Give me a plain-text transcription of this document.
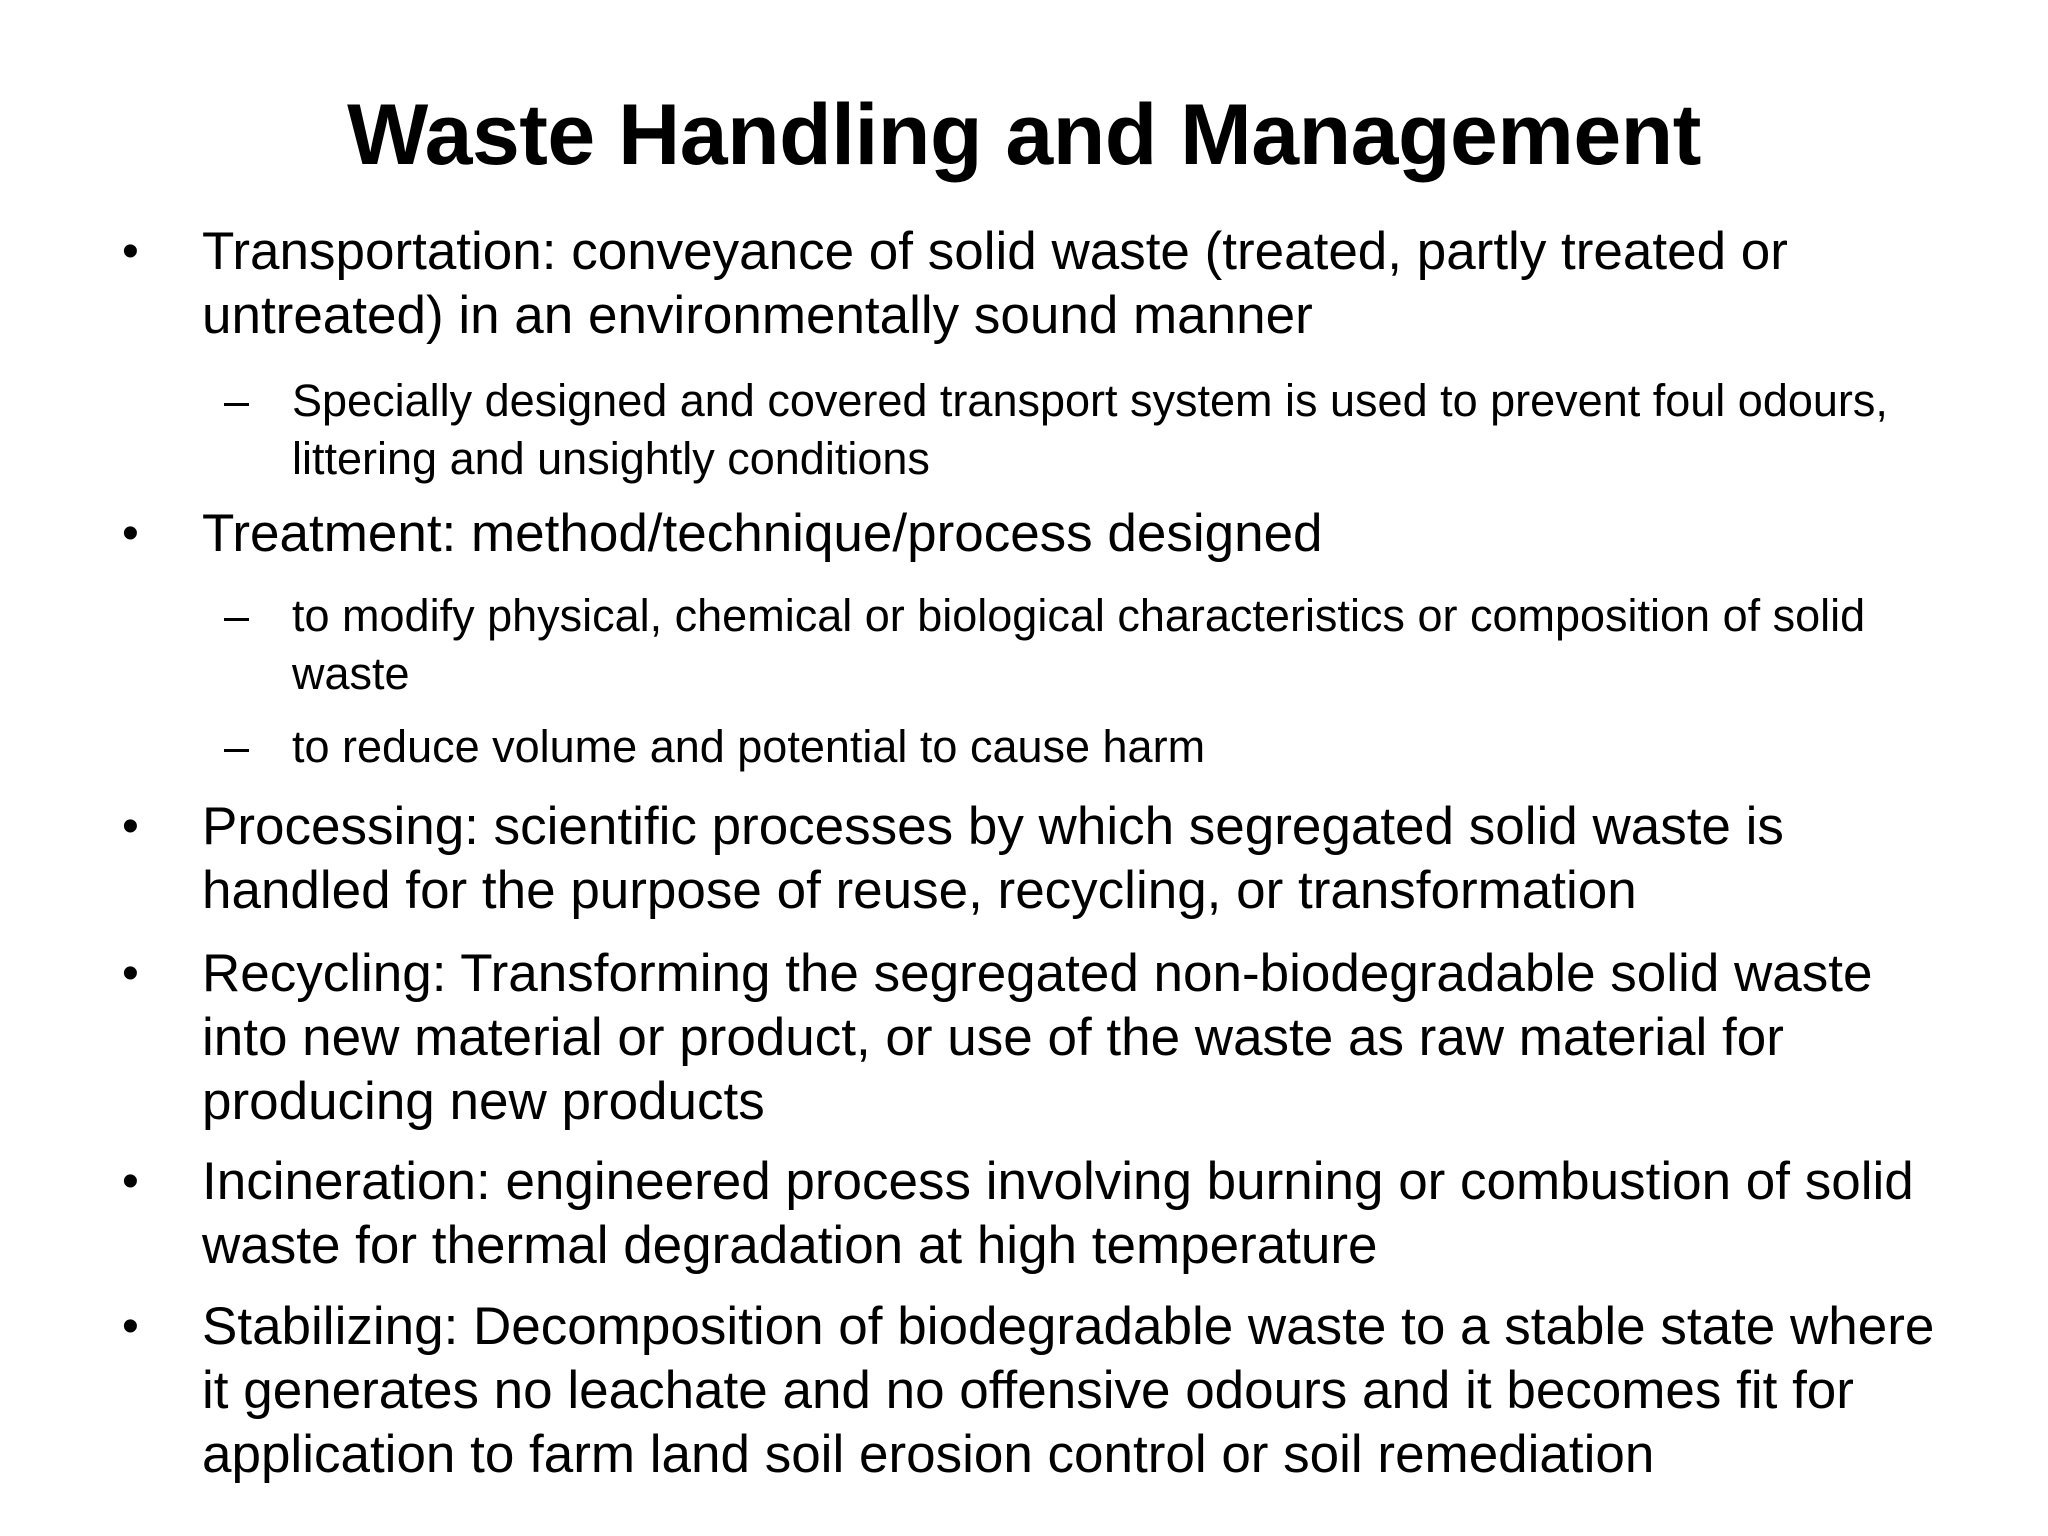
Waste Handling and Management
• Transportation: conveyance of solid waste (treated, partly treated or untreated) in an environmentally sound manner
– Specially designed and covered transport system is used to prevent foul odours, littering and unsightly conditions
• Treatment: method/technique/process designed
– to modify physical, chemical or biological characteristics or composition of solid waste
– to reduce volume and potential to cause harm
• Processing: scientific processes by which segregated solid waste is handled for the purpose of reuse, recycling, or transformation
• Recycling: Transforming the segregated non-biodegradable solid waste into new material or product, or use of the waste as raw material for producing new products
• Incineration: engineered process involving burning or combustion of solid waste for thermal degradation at high temperature
• Stabilizing: Decomposition of biodegradable waste to a stable state where it generates no leachate and no offensive odours and it becomes fit for application to farm land soil erosion control or soil remediation
